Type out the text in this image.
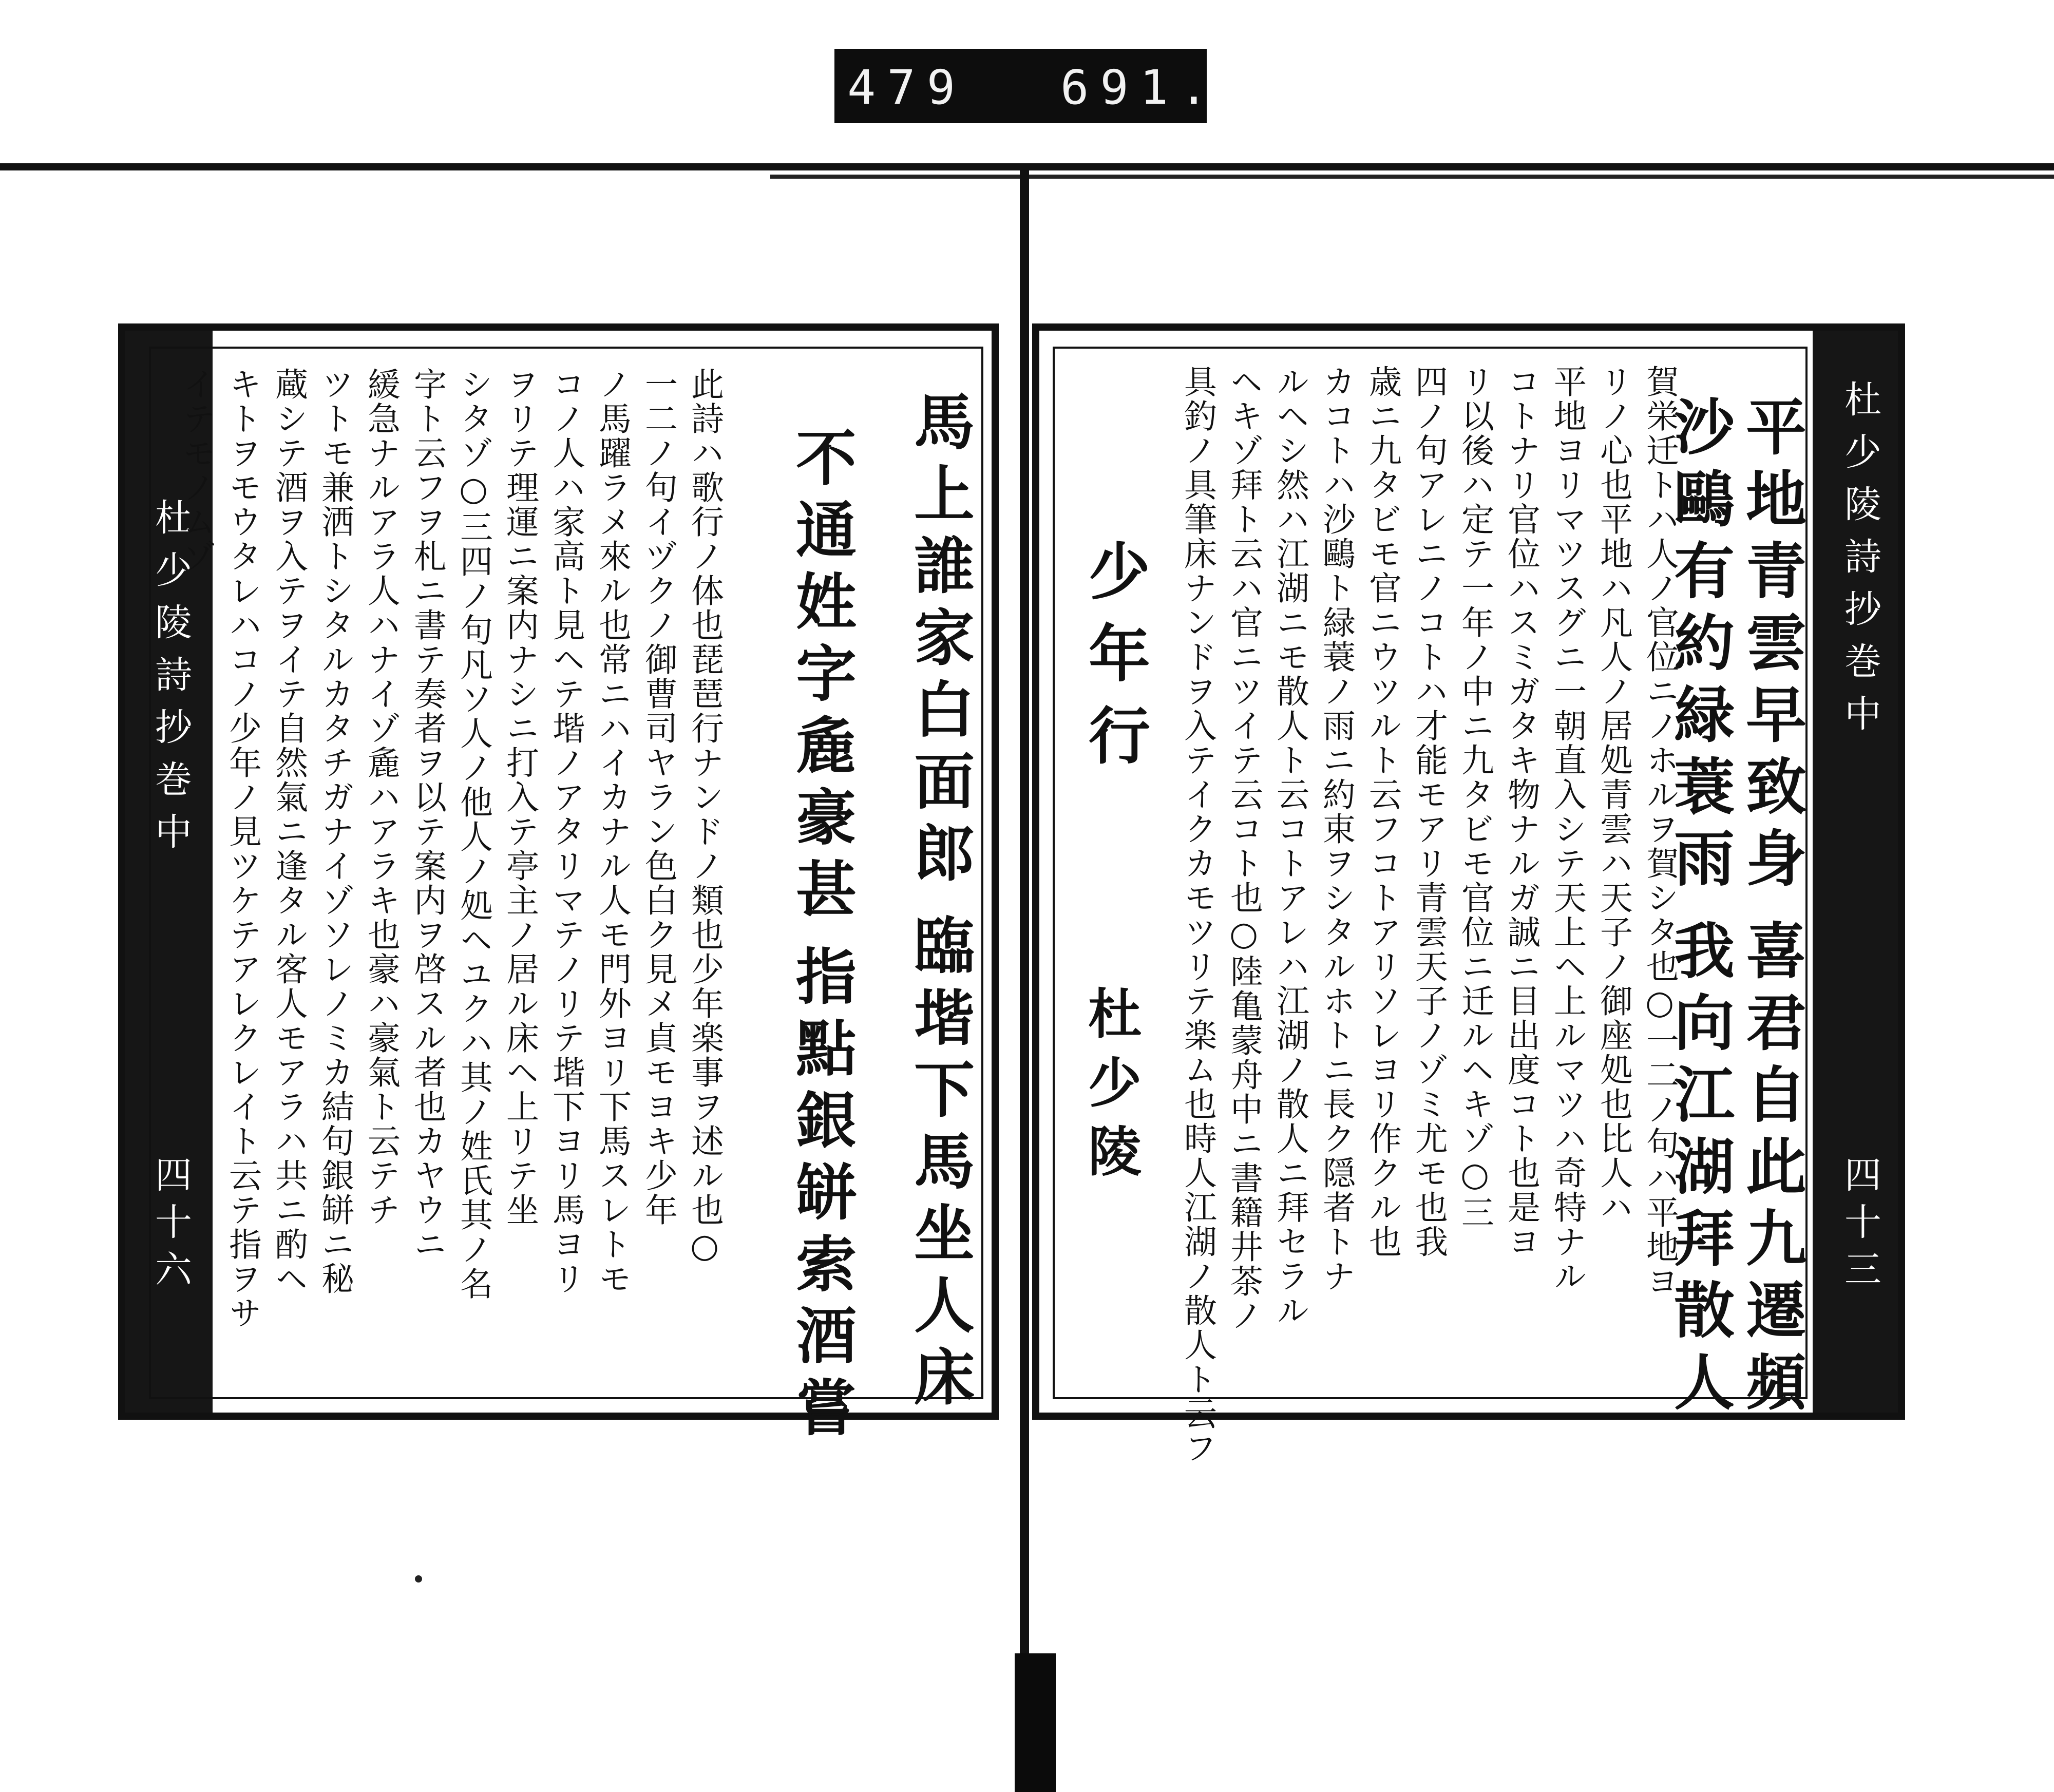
479 691.
杜少陵詩抄巻中
四十六
馬上誰家白面郎
臨堦下馬坐人床
不通姓字麁豪甚
指點銀缾索酒嘗
此詩ハ歌行ノ体也琵琶行ナンドノ類也少年楽事ヲ述ル也○
一二ノ句イヅクノ御曹司ヤラン色白ク見メ貞モヨキ少年
ノ馬躍ラメ來ル也常ニハイカナル人モ門外ヨリ下馬スレトモ
コノ人ハ家高ト見ヘテ堦ノアタリマテノリテ堦下ヨリ馬ヨリ
ヲリテ理運ニ案内ナシニ打入テ亭主ノ居ル床ヘ上リテ坐
シタゾ○三四ノ句凡ソ人ノ他人ノ処ヘユクハ其ノ姓氏其ノ名
字ト云フヲ札ニ書テ奏者ヲ以テ案内ヲ啓スル者也カヤウニ
緩急ナルアラ人ハナイゾ麁ハアラキ也豪ハ豪氣ト云テチ
ツトモ兼洒トシタルカタチガナイゾソレノミカ結句銀缾ニ秘
蔵シテ酒ヲ入テヲイテ自然氣ニ逢タル客人モアラハ共ニ酌ヘ
キトヲモウタレハコノ少年ノ見ツケテアレクレイト云テ指ヲサ
イテモノムゾ	杜少陵詩抄巻中
四十三
平地青雲早致身
沙鷗有約緑蓑雨
喜君自此九遷頻
我向江湖拜散人
賀栄迁トハ人ノ官位ニノホルヲ賀シタ也○一二ノ句ハ平地ヨ
リノ心也平地ハ凡人ノ居処青雲ハ天子ノ御座処也比人ハ
平地ヨリマツスグニ一朝直入シテ天上ヘ上ルマツハ奇特ナル
コトナリ官位ハスミガタキ物ナルガ誠ニ目出度コト也是ヨ
リ以後ハ定テ一年ノ中ニ九タビモ官位ニ迁ルヘキゾ○三
四ノ句アレニノコトハ才能モアリ青雲天子ノゾミ尤モ也我
歳ニ九タビモ官ニウツルト云フコトアリソレヨリ作クル也
カコトハ沙鷗ト緑蓑ノ雨ニ約束ヲシタルホトニ長ク隠者トナ
ルヘシ然ハ江湖ニモ散人ト云コトアレハ江湖ノ散人ニ拜セラル
ヘキゾ拜ト云ハ官ニツイテ云コト也○陸亀蒙舟中ニ書籍井茶ノ
具釣ノ具筆床ナンドヲ入テイクカモツリテ楽ム也時人江湖ノ散人ト云フ
少年行
杜少陵
